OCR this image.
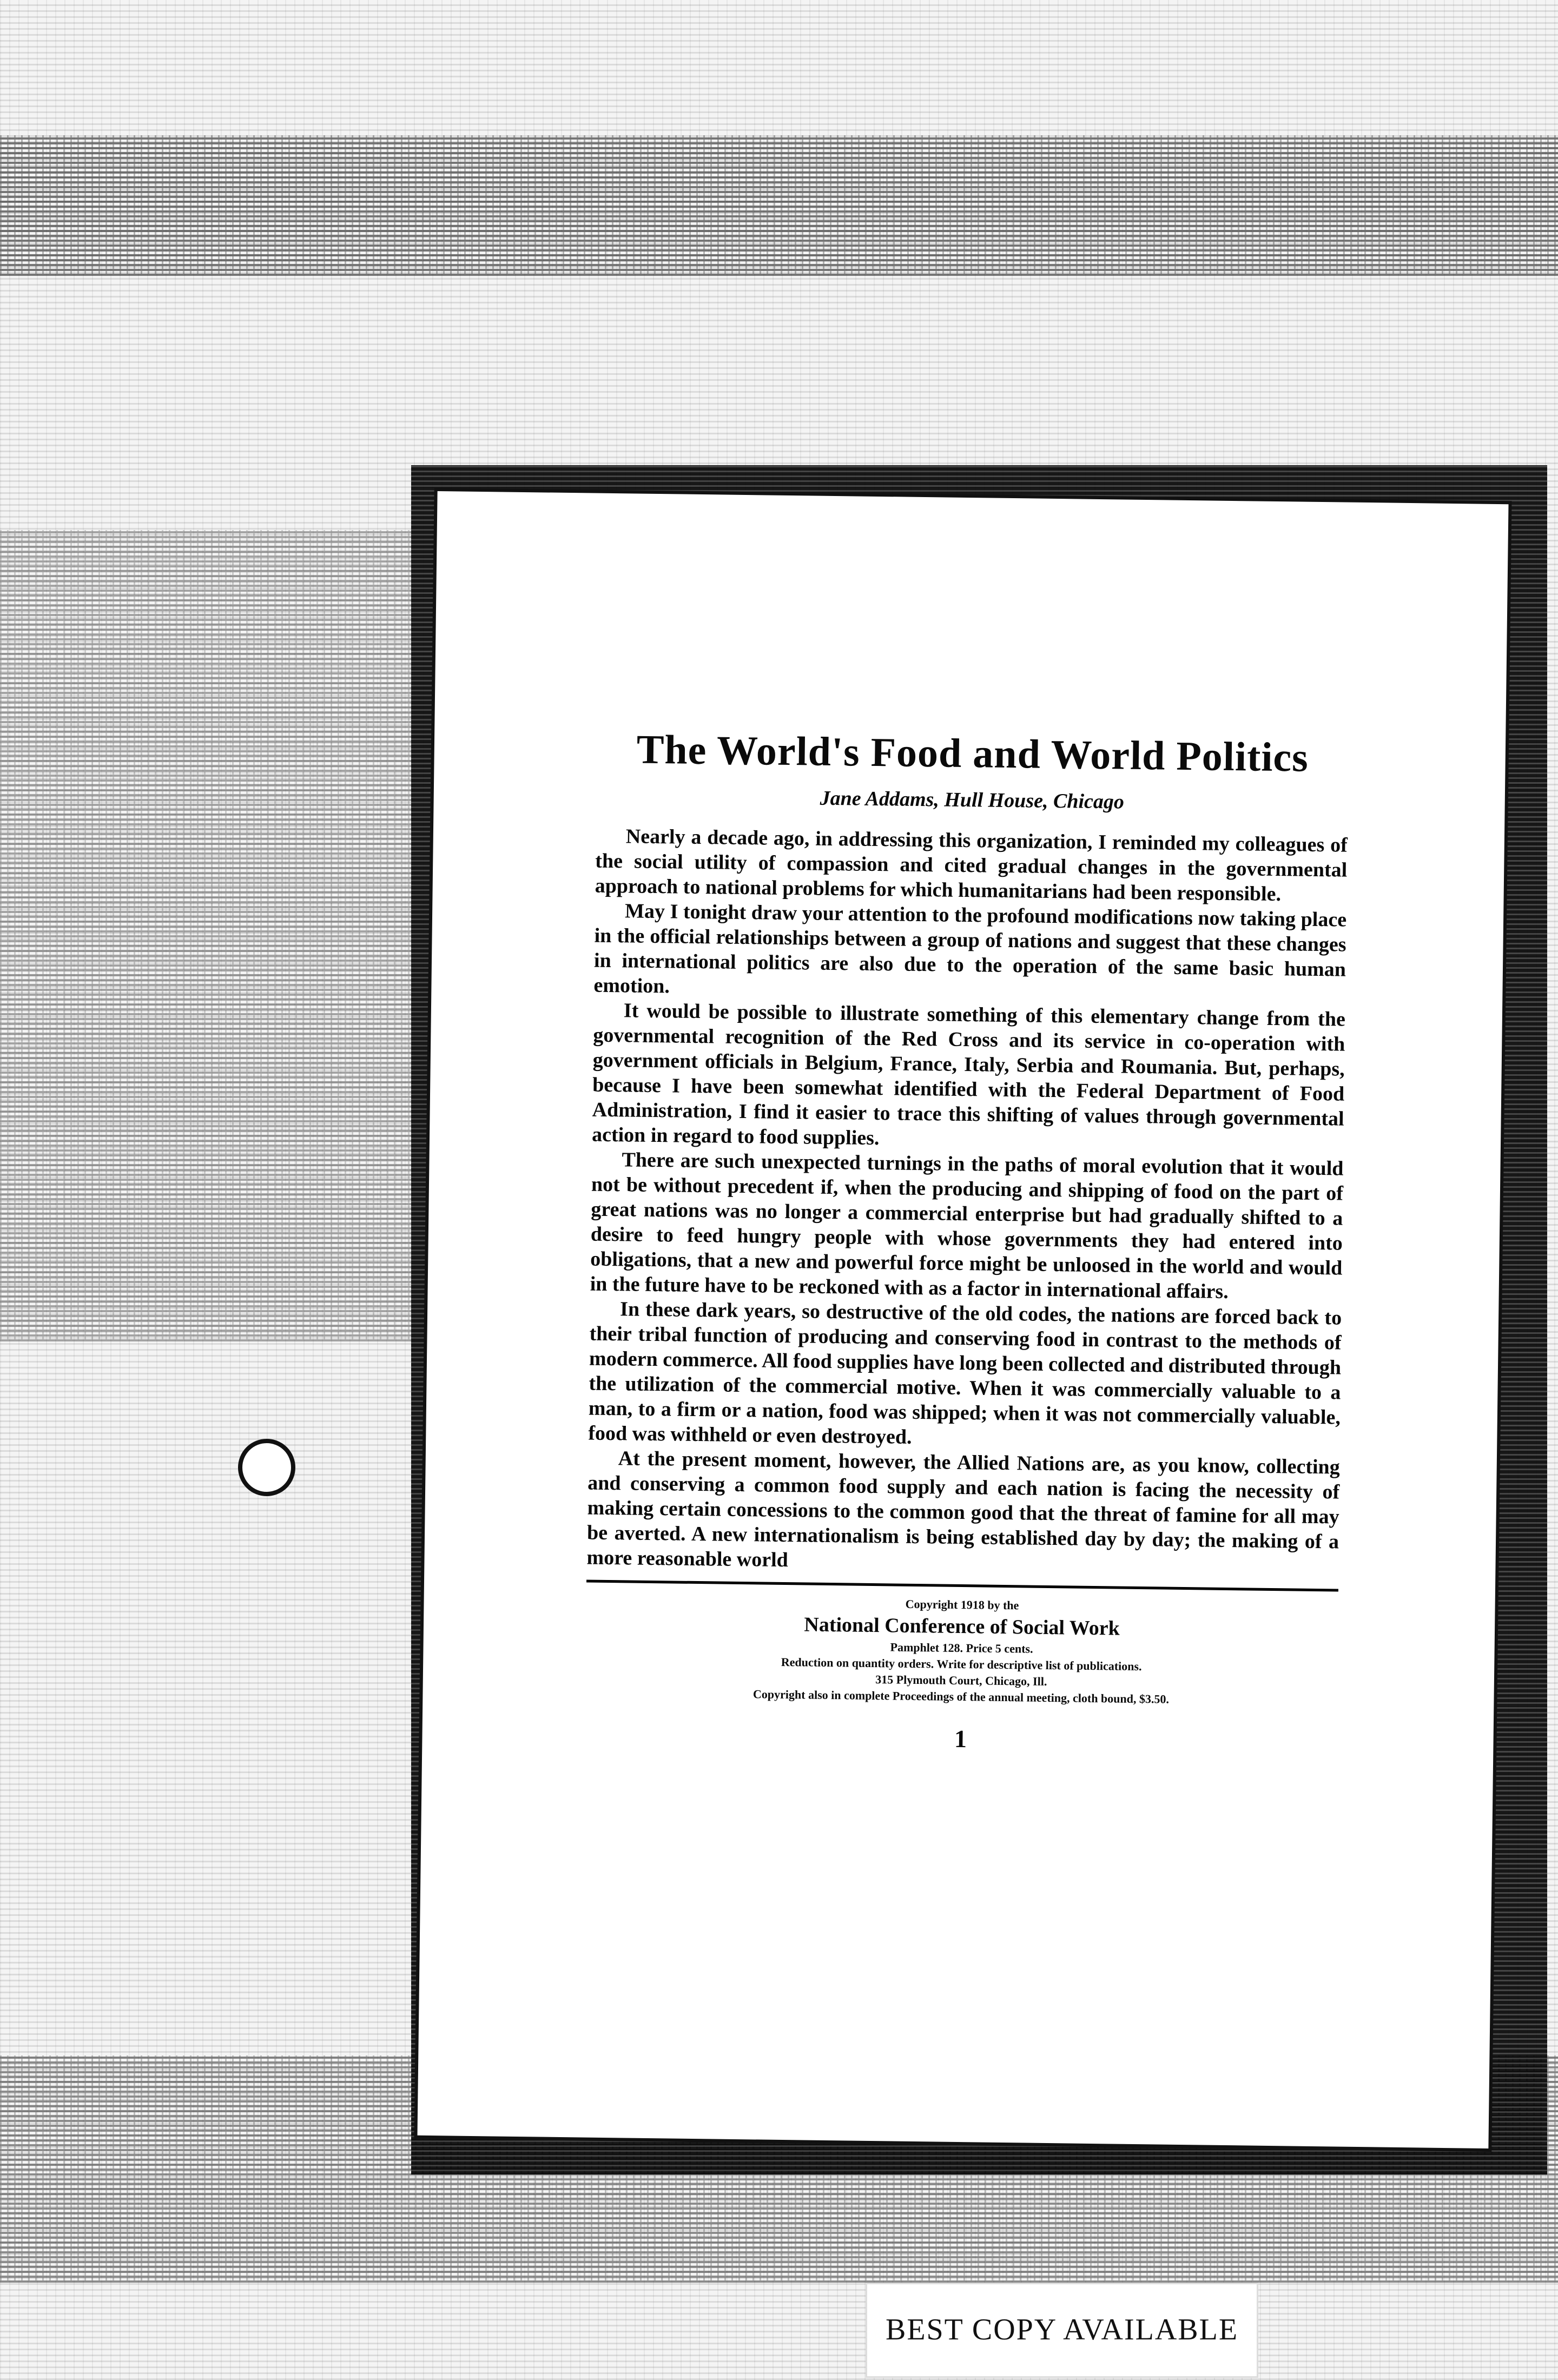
The World's Food and World Politics
Jane Addams, Hull House, Chicago

Nearly a decade ago, in addressing this organization, I reminded my colleagues of the social utility of compassion and cited gradual changes in the governmental approach to national problems for which humanitarians had been responsible.

May I tonight draw your attention to the profound modifications now taking place in the official relationships between a group of nations and suggest that these changes in international politics are also due to the operation of the same basic human emotion.

It would be possible to illustrate something of this elementary change from the governmental recognition of the Red Cross and its service in co-operation with government officials in Belgium, France, Italy, Serbia and Roumania. But, perhaps, because I have been somewhat identified with the Federal Department of Food Administration, I find it easier to trace this shifting of values through governmental action in regard to food supplies.

There are such unexpected turnings in the paths of moral evolution that it would not be without precedent if, when the producing and shipping of food on the part of great nations was no longer a commercial enterprise but had gradually shifted to a desire to feed hungry people with whose governments they had entered into obligations, that a new and powerful force might be unloosed in the world and would in the future have to be reckoned with as a factor in international affairs.

In these dark years, so destructive of the old codes, the nations are forced back to their tribal function of producing and conserving food in contrast to the methods of modern commerce. All food supplies have long been collected and distributed through the utilization of the commercial motive. When it was commercially valuable to a man, to a firm or a nation, food was shipped; when it was not commercially valuable, food was withheld or even destroyed.

At the present moment, however, the Allied Nations are, as you know, collecting and conserving a common food supply and each nation is facing the necessity of making certain concessions to the common good that the threat of famine for all may be averted. A new internationalism is being established day by day; the making of a more reasonable world

Copyright 1918 by the
National Conference of Social Work
Pamphlet 128. Price 5 cents.
Reduction on quantity orders. Write for descriptive list of publications.
315 Plymouth Court, Chicago, Ill.
Copyright also in complete Proceedings of the annual meeting, cloth bound, $3.50.
1
BEST COPY AVAILABLE
